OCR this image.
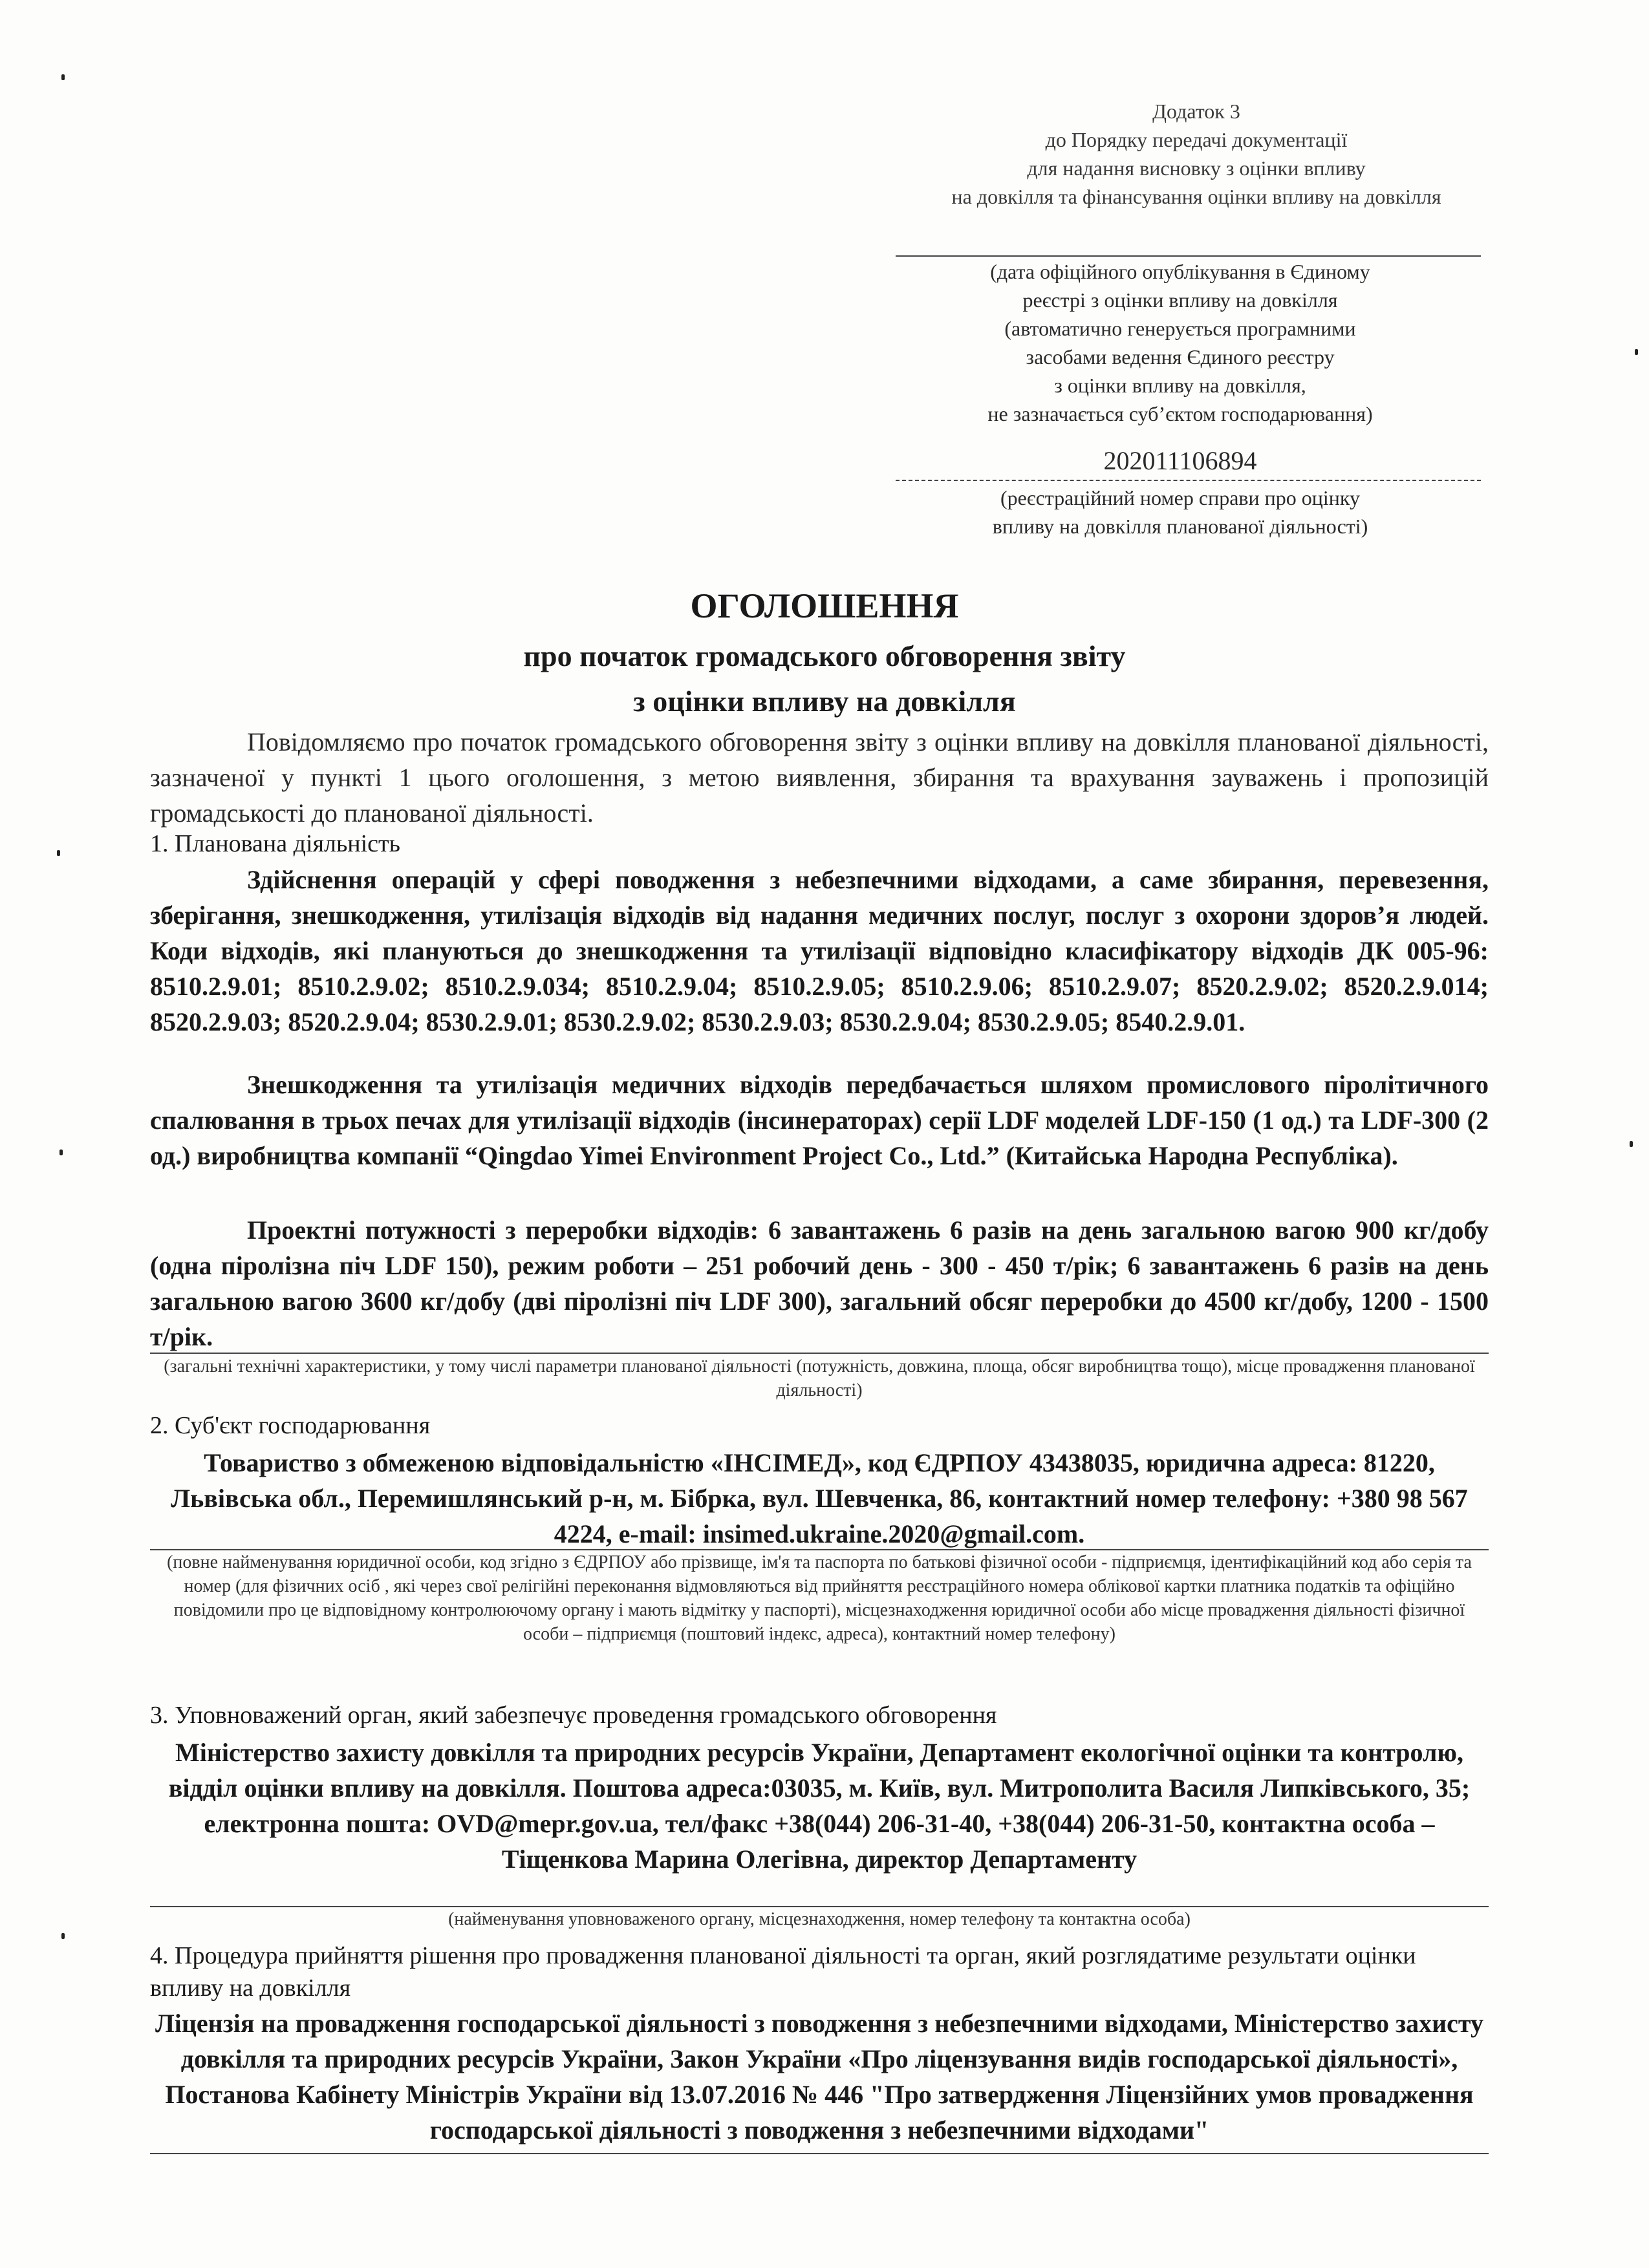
Додаток 3
до Порядку передачі документації
для надання висновку з оцінки впливу
на довкілля та фінансування оцінки впливу на довкілля
(дата офіційного опублікування в Єдиному
реєстрі з оцінки впливу на довкілля
(автоматично генерується програмними
засобами ведення Єдиного реєстру
з оцінки впливу на довкілля,
не зазначається суб’єктом господарювання)
202011106894
(реєстраційний номер справи про оцінку
впливу на довкілля планованої діяльності)
ОГОЛОШЕННЯ
про початок громадського обговорення звіту
з оцінки впливу на довкілля
Повідомляємо про початок громадського обговорення звіту з оцінки впливу на довкілля планованої діяльності, зазначеної у пункті 1 цього оголошення, з метою виявлення, збирання та врахування зауважень і пропозицій громадськості до планованої діяльності.
1. Планована діяльність
Здійснення операцій у сфері поводження з небезпечними відходами, а саме збирання, перевезення, зберігання, знешкодження, утилізація відходів від надання медичних послуг, послуг з охорони здоров’я людей. Коди відходів, які плануються до знешкодження та утилізації відповідно класифікатору відходів ДК 005-96: 8510.2.9.01; 8510.2.9.02; 8510.2.9.034; 8510.2.9.04; 8510.2.9.05; 8510.2.9.06; 8510.2.9.07; 8520.2.9.02; 8520.2.9.014; 8520.2.9.03; 8520.2.9.04; 8530.2.9.01; 8530.2.9.02; 8530.2.9.03; 8530.2.9.04; 8530.2.9.05; 8540.2.9.01.
Знешкодження та утилізація медичних відходів передбачається шляхом промислового піролітичного спалювання в трьох печах для утилізації відходів (інсинераторах) серії LDF моделей LDF-150 (1 од.) та LDF-300 (2 од.) виробництва компанії “Qingdao Yimei Environment Project Co., Ltd.” (Китайська Народна Республіка).
Проектні потужності з переробки відходів: 6 завантажень 6 разів на день загальною вагою 900 кг/добу (одна піролізна піч LDF 150), режим роботи – 251 робочий день - 300 - 450 т/рік; 6 завантажень 6 разів на день загальною вагою 3600 кг/добу (дві піролізні піч LDF 300), загальний обсяг переробки до 4500 кг/добу, 1200 - 1500 т/рік.
(загальні технічні характеристики, у тому числі параметри планованої діяльності (потужність, довжина, площа, обсяг виробництва тощо), місце провадження планованої діяльності)
2. Суб'єкт господарювання
Товариство з обмеженою відповідальністю «ІНСІМЕД», код ЄДРПОУ 43438035, юридична адреса: 81220, Львівська обл., Перемишлянський р-н, м. Бібрка, вул. Шевченка, 86, контактний номер телефону: +380 98 567 4224, e-mail: insimed.ukraine.2020@gmail.com.
(повне найменування юридичної особи, код згідно з ЄДРПОУ або прізвище, ім'я та паспорта по батькові фізичної особи - підприємця, ідентифікаційний код або серія та номер (для фізичних осіб , які через свої релігійні переконання відмовляються від прийняття реєстраційного номера облікової картки платника податків та офіційно повідомили про це відповідному контролюючому органу і мають відмітку у паспорті), місцезнаходження юридичної особи або місце провадження діяльності фізичної особи – підприємця (поштовий індекс, адреса), контактний номер телефону)
3. Уповноважений орган, який забезпечує проведення громадського обговорення
Міністерство захисту довкілля та природних ресурсів України, Департамент екологічної оцінки та контролю, відділ оцінки впливу на довкілля. Поштова адреса:03035, м. Київ, вул. Митрополита Василя Липківського, 35; електронна пошта: OVD@mepr.gov.ua, тел/факс +38(044) 206-31-40, +38(044) 206-31-50, контактна особа – Тіщенкова Марина Олегівна, директор Департаменту
(найменування уповноваженого органу, місцезнаходження, номер телефону та контактна особа)
4. Процедура прийняття рішення про провадження планованої діяльності та орган, який розглядатиме результати оцінки впливу на довкілля
Ліцензія на провадження господарської діяльності з поводження з небезпечними відходами, Міністерство захисту довкілля та природних ресурсів України, Закон України «Про ліцензування видів господарської діяльності», Постанова Кабінету Міністрів України від 13.07.2016 № 446 "Про затвердження Ліцензійних умов провадження господарської діяльності з поводження з небезпечними відходами"
